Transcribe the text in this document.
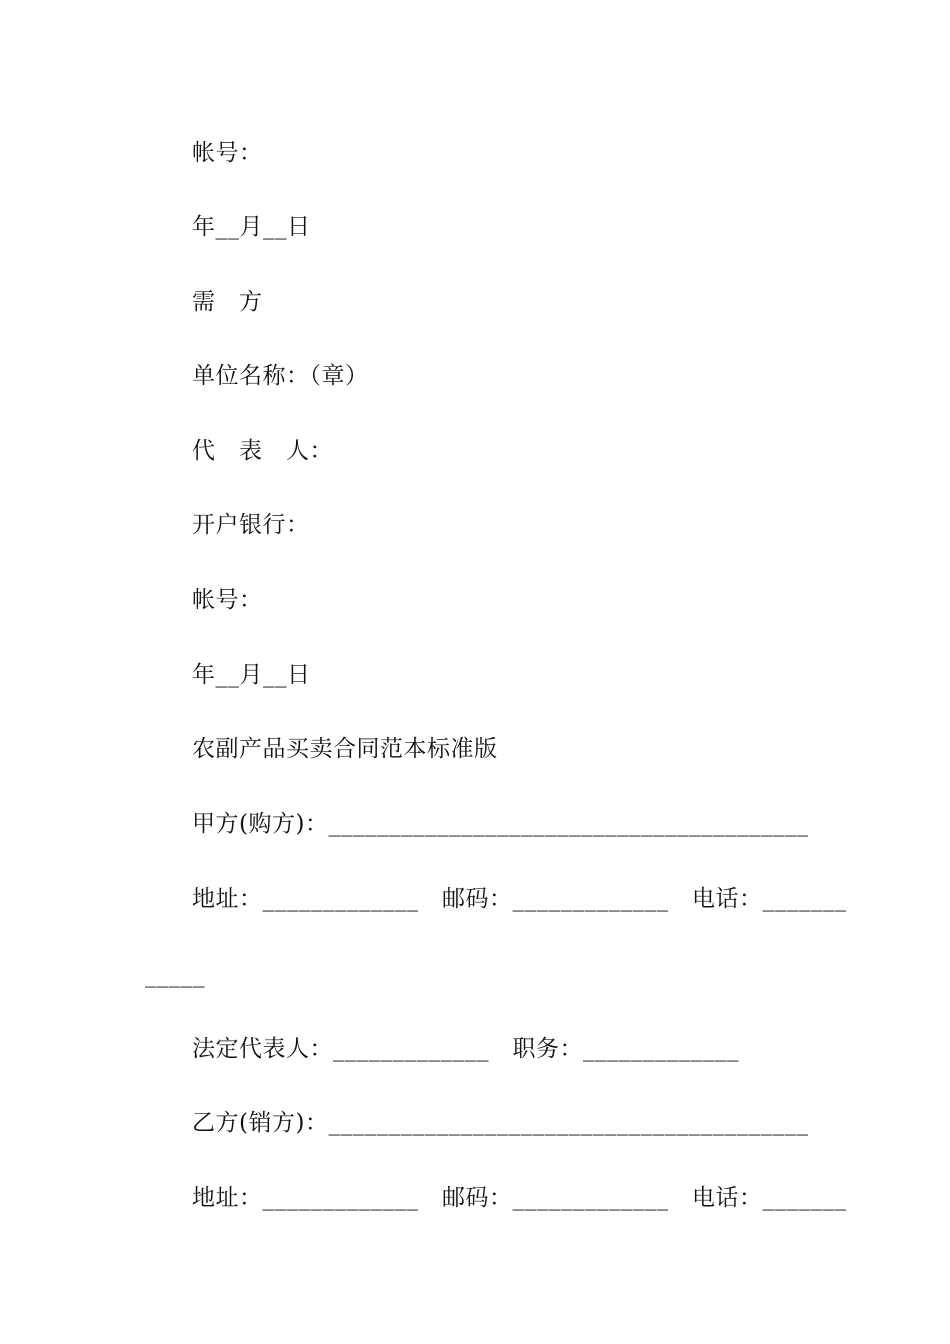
帐号：
年__月__日
需　方
单位名称：（章）
代　表　人：
开户银行：
帐号：
年__月__日
农副产品买卖合同范本标准版
甲方(购方)：________________________________________
地址：_____________　邮码：_____________　电话：_______
_____
法定代表人：_____________　职务：_____________
乙方(销方)：________________________________________
地址：_____________　邮码：_____________　电话：_______
